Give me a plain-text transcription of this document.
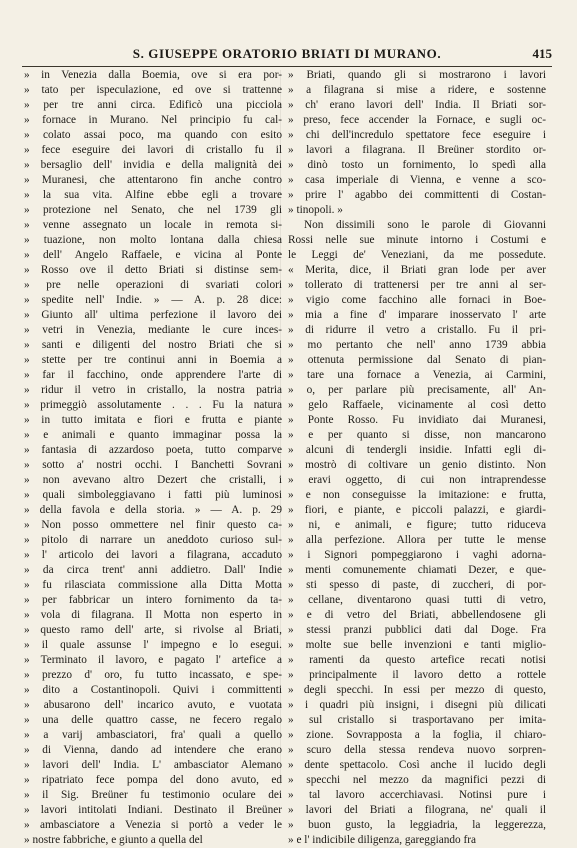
S. GIUSEPPE ORATORIO BRIATI DI MURANO.	415
» in Venezia dalla Boemia, ove si era por-
» tato per ispeculazione, ed ove si trattenne
» per tre anni circa. Edificò una picciola
» fornace in Murano. Nel principio fu cal-
» colato assai poco, ma quando con esito
» fece eseguire dei lavori di cristallo fu il
» bersaglio dell' invidia e della malignità dei
» Muranesi, che attentarono fin anche contro
» la sua vita. Alfine ebbe egli a trovare
» protezione nel Senato, che nel 1739 gli
» venne assegnato un locale in remota si-
» tuazione, non molto lontana dalla chiesa
» dell' Angelo Raffaele, e vicina al Ponte
» Rosso ove il detto Briati si distinse sem-
» pre nelle operazioni di svariati colori
» spedite nell' Indie. » — A. p. 28 dice:
» Giunto all' ultima perfezione il lavoro dei
» vetri in Venezia, mediante le cure inces-
» santi e diligenti del nostro Briati che si
» stette per tre continui anni in Boemia a
» far il facchino, onde apprendere l'arte di
» ridur il vetro in cristallo, la nostra patria
» primeggiò assolutamente . . . Fu la natura
» in tutto imitata e fiori e frutta e piante
» e animali e quanto immaginar possa la
» fantasia di azzardoso poeta, tutto comparve
» sotto a' nostri occhi. I Banchetti Sovrani
» non avevano altro Dezert che cristalli, i
» quali simboleggiavano i fatti più luminosi
» della favola e della storia. » — A. p. 29
» Non posso ommettere nel finir questo ca-
» pitolo di narrare un aneddoto curioso sul-
» l' articolo dei lavori a filagrana, accaduto
» da circa trent' anni addietro. Dall' Indie
» fu rilasciata commissione alla Ditta Motta
» per fabbricar un intero fornimento da ta-
» vola di filagrana. Il Motta non esperto in
» questo ramo dell' arte, si rivolse al Briati,
» il quale assunse l' impegno e lo esegui.
» Terminato il lavoro, e pagato l' artefice a
» prezzo d' oro, fu tutto incassato, e spe-
» dito a Costantinopoli. Quivi i committenti
» abusarono dell' incarico avuto, e vuotata
» una delle quattro casse, ne fecero regalo
» a varij ambasciatori, fra' quali a quello
» di Vienna, dando ad intendere che erano
» lavori dell' India. L' ambasciator Alemano
» ripatriato fece pompa del dono avuto, ed
» il Sig. Breüner fu testimonio oculare dei
» lavori intitolati Indiani. Destinato il Breüner
» ambasciatore a Venezia si portò a veder le
» nostre fabbriche, e giunto a quella del
» Briati, quando gli si mostrarono i lavori
» a filagrana si mise a ridere, e sostenne
» ch' erano lavori dell' India. Il Briati sor-
» preso, fece accender la Fornace, e sugli oc-
» chi dell'incredulo spettatore fece eseguire i
» lavori a filagrana. Il Breüner stordito or-
» dinò tosto un fornimento, lo spedì alla
» casa imperiale di Vienna, e venne a sco-
» prire l' agabbo dei committenti di Costan-
» tinopoli. »
Non dissimili sono le parole di Giovanni
Rossi nelle sue minute intorno i Costumi e
le Leggi de' Veneziani, da me possedute.
« Merita, dice, il Briati gran lode per aver
» tollerato di trattenersi per tre anni al ser-
» vigio come facchino alle fornaci in Boe-
» mia a fine d' imparare inosservato l' arte
» di ridurre il vetro a cristallo. Fu il pri-
» mo pertanto che nell' anno 1739 abbia
» ottenuta permissione dal Senato di pian-
» tare una fornace a Venezia, ai Carmini,
» o, per parlare più precisamente, all' An-
» gelo Raffaele, vicinamente al così detto
» Ponte Rosso. Fu invidiato dai Muranesi,
» e per quanto si disse, non mancarono
» alcuni di tendergli insidie. Infatti egli di-
» mostrò di coltivare un genio distinto. Non
» eravi oggetto, di cui non intraprendesse
» e non conseguisse la imitazione: e frutta,
» fiori, e piante, e piccoli palazzi, e giardi-
» ni, e animali, e figure; tutto riduceva
» alla perfezione. Allora per tutte le mense
» i Signori pompeggiarono i vaghi adorna-
» menti comunemente chiamati Dezer, e que-
» sti spesso di paste, di zuccheri, di por-
» cellane, diventarono quasi tutti di vetro,
» e di vetro del Briati, abbellendosene gli
» stessi pranzi pubblici dati dal Doge. Fra
» molte sue belle invenzioni e tanti miglio-
» ramenti da questo artefice recati notisi
» principalmente il lavoro detto a rottele
» degli specchi. In essi per mezzo di questo,
» i quadri più insigni, i disegni più dilicati
» sul cristallo si trasportavano per imita-
» zione. Sovrapposta a la foglia, il chiaro-
» scuro della stessa rendeva nuovo sorpren-
» dente spettacolo. Così anche il lucido degli
» specchi nel mezzo da magnifici pezzi di
» tal lavoro accerchiavasi. Notinsi pure i
» lavori del Briati a filograna, ne' quali il
» buon gusto, la leggiadria, la leggerezza,
» e l' indicibile diligenza, gareggiando fra
